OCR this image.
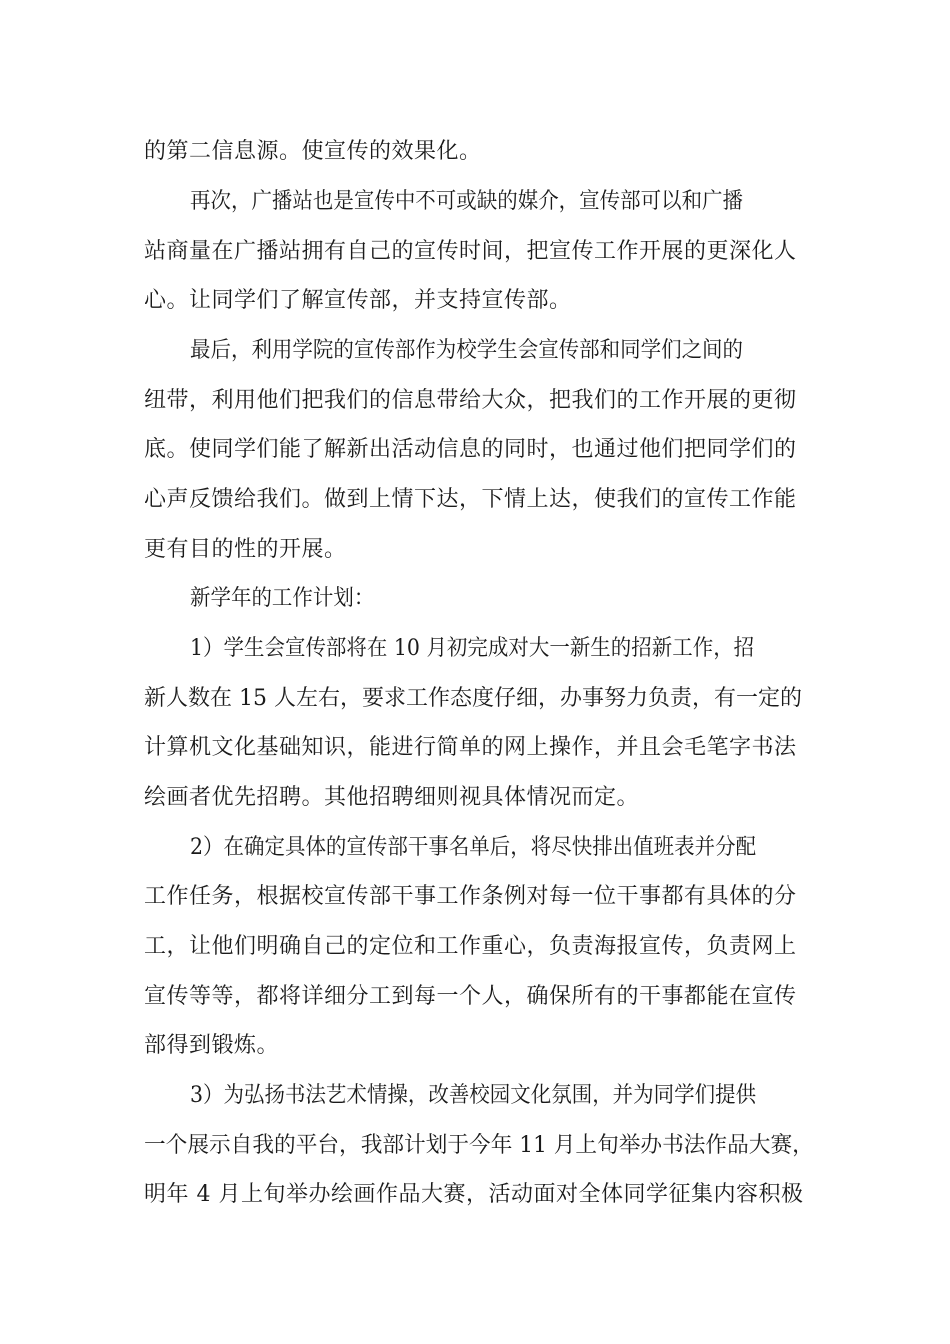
的第二信息源。使宣传的效果化。
再次，广播站也是宣传中不可或缺的媒介，宣传部可以和广播
站商量在广播站拥有自己的宣传时间，把宣传工作开展的更深化人
心。让同学们了解宣传部，并支持宣传部。
最后，利用学院的宣传部作为校学生会宣传部和同学们之间的
纽带，利用他们把我们的信息带给大众，把我们的工作开展的更彻
底。使同学们能了解新出活动信息的同时，也通过他们把同学们的
心声反馈给我们。做到上情下达，下情上达，使我们的宣传工作能
更有目的性的开展。
新学年的工作计划：
1）学生会宣传部将在 10 月初完成对大一新生的招新工作，招
新人数在 15 人左右，要求工作态度仔细，办事努力负责，有一定的
计算机文化基础知识，能进行简单的网上操作，并且会毛笔字书法
绘画者优先招聘。其他招聘细则视具体情况而定。
2）在确定具体的宣传部干事名单后，将尽快排出值班表并分配
工作任务，根据校宣传部干事工作条例对每一位干事都有具体的分
工，让他们明确自己的定位和工作重心，负责海报宣传，负责网上
宣传等等，都将详细分工到每一个人，确保所有的干事都能在宣传
部得到锻炼。
3）为弘扬书法艺术情操，改善校园文化氛围，并为同学们提供
一个展示自我的平台，我部计划于今年 11 月上旬举办书法作品大赛，
明年 4 月上旬举办绘画作品大赛，活动面对全体同学征集内容积极
